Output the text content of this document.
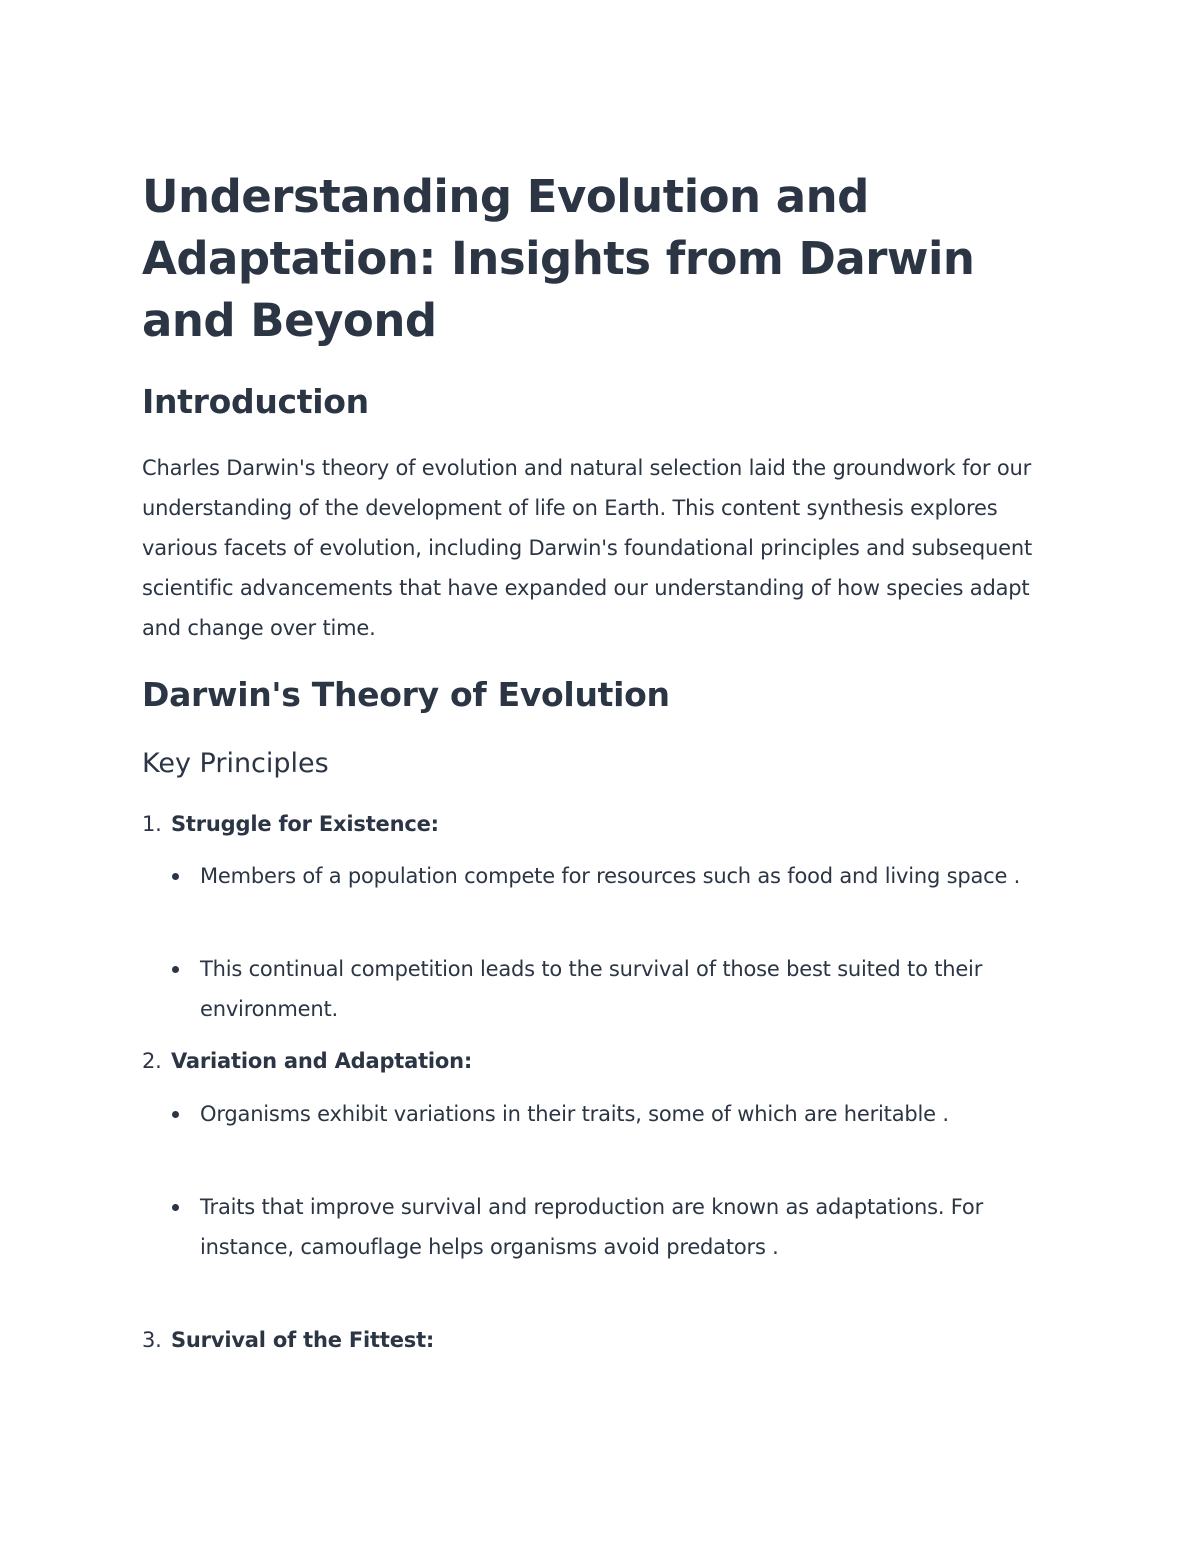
Understanding Evolution and Adaptation: Insights from Darwin and Beyond
Introduction

Charles Darwin's theory of evolution and natural selection laid the groundwork for our understanding of the development of life on Earth. This content synthesis explores various facets of evolution, including Darwin's foundational principles and subsequent scientific advancements that have expanded our understanding of how species adapt and change over time.

Darwin's Theory of Evolution
Key Principles
1. Struggle for Existence:
Members of a population compete for resources such as food and living space .
This continual competition leads to the survival of those best suited to their environment.
2. Variation and Adaptation:
Organisms exhibit variations in their traits, some of which are heritable .
Traits that improve survival and reproduction are known as adaptations. For instance, camouflage helps organisms avoid predators .
3. Survival of the Fittest:
